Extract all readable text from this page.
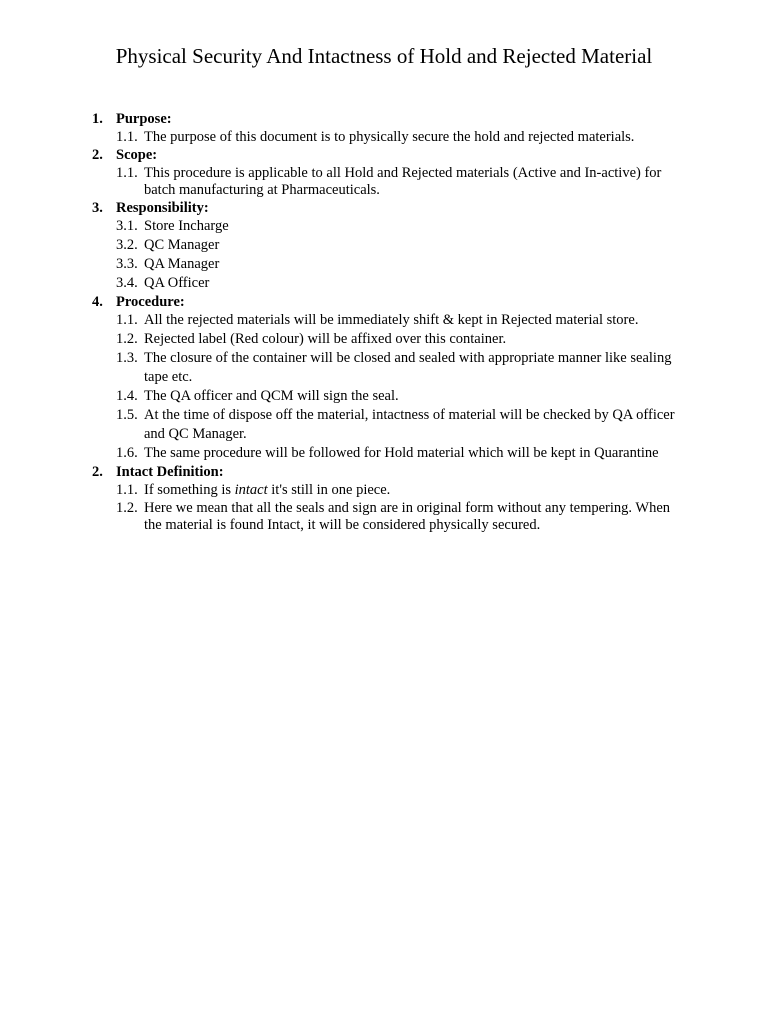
Physical Security And Intactness of Hold and Rejected Material
1. Purpose:
1.1. The purpose of this document is to physically secure the hold and rejected materials.
2. Scope:
1.1. This procedure is applicable to all Hold and Rejected materials (Active and In-active) for batch manufacturing at Pharmaceuticals.
3. Responsibility:
3.1. Store Incharge
3.2. QC Manager
3.3. QA Manager
3.4. QA Officer
4. Procedure:
1.1. All the rejected materials will be immediately shift & kept in Rejected material store.
1.2. Rejected label (Red colour) will be affixed over this container.
1.3. The closure of the container will be closed and sealed with appropriate manner like sealing tape etc.
1.4. The QA officer and QCM will sign the seal.
1.5. At the time of dispose off the material, intactness of material will be checked by QA officer and QC Manager.
1.6. The same procedure will be followed for Hold material which will be kept in Quarantine
2. Intact Definition:
1.1. If something is intact it's still in one piece.
1.2. Here we mean that all the seals and sign are in original form without any tempering. When the material is found Intact, it will be considered physically secured.
